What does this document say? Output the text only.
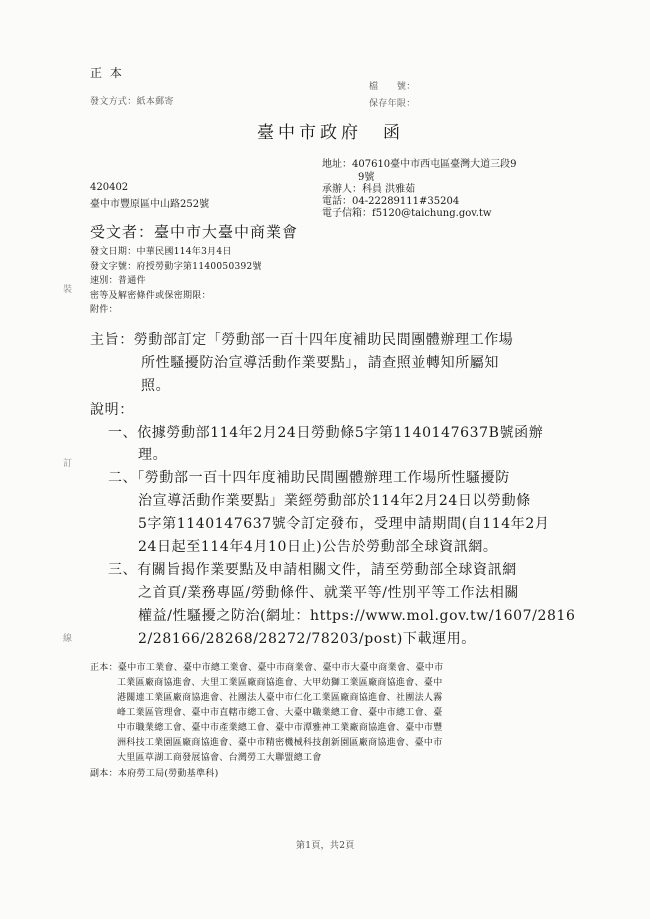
正 本
發文方式：紙本郵寄
檔　　號：
保存年限：
臺中市政府　函
地址：407610臺中市西屯區臺灣大道三段9
9號
承辦人：科員 洪雅茹
電話：04-22289111#35204
電子信箱：f5120@taichung.gov.tw
420402
臺中市豐原區中山路252號
受文者：臺中市大臺中商業會
發文日期：中華民國114年3月4日
發文字號：府授勞動字第1140050392號
速別：普通件
密等及解密條件或保密期限：
附件：
主旨：勞動部訂定「勞動部一百十四年度補助民間團體辦理工作場
所性騷擾防治宣導活動作業要點」，請查照並轉知所屬知
照。
說明：
一、依據勞動部114年2月24日勞動條5字第1140147637B號函辦
理。
二、「勞動部一百十四年度補助民間團體辦理工作場所性騷擾防
治宣導活動作業要點」業經勞動部於114年2月24日以勞動條
5字第1140147637號令訂定發布，受理申請期間(自114年2月
24日起至114年4月10日止)公告於勞動部全球資訊網。
三、有關旨揭作業要點及申請相關文件，請至勞動部全球資訊網
之首頁/業務專區/勞動條件、就業平等/性別平等工作法相關
權益/性騷擾之防治(網址：https://www.mol.gov.tw/1607/2816
2/28166/28268/28272/78203/post)下載運用。
正本：臺中市工業會、臺中市總工業會、臺中市商業會、臺中市大臺中商業會、臺中市
工業區廠商協進會、大里工業區廠商協進會、大甲幼獅工業區廠商協進會、臺中
港關連工業區廠商協進會、社團法人臺中市仁化工業區廠商協進會、社團法人霧
峰工業區管理會、臺中市直轄市總工會、大臺中職業總工會、臺中市總工會、臺
中市職業總工會、臺中市產業總工會、臺中市潭雅神工業廠商協進會、臺中市豐
洲科技工業園區廠商協進會、臺中市精密機械科技創新園區廠商協進會、臺中市
大里區草湖工商發展協會、台灣勞工大聯盟總工會
副本：本府勞工局(勞動基準科)
第1頁，共2頁
裝
訂
線
